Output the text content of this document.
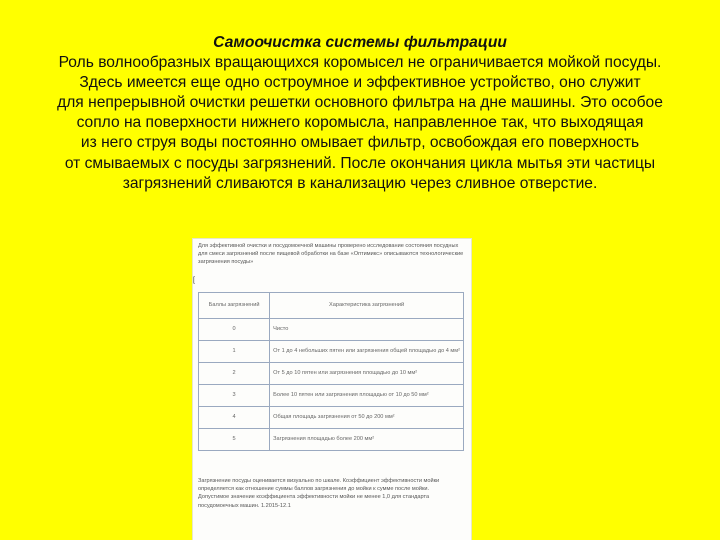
Самоочистка системы фильтрации
Роль волнообразных вращающихся коромысел не ограничивается мойкой посуды.
Здесь имеется еще одно остроумное и эффективное устройство, оно служит
для непрерывной очистки решетки основного фильтра на дне машины. Это особое
сопло на поверхности нижнего коромысла, направленное так, что выходящая
из него струя воды постоянно омывает фильтр, освобождая его поверхность
от смываемых с посуды загрязнений. После окончания цикла мытья эти частицы
загрязнений сливаются в канализацию через сливное отверстие.
Для эффективной очистки и посудомоечной машины проверено исследование состояния посудных
для смеси загрязнений после пищевой обработки на базе «Оптимикс» описываются технологические
загрязнения посуды»
[
Баллы загрязнений	Характеристика загрязнений
0	Чисто
1	От 1 до 4 небольших пятен или загрязнения общей площадью до 4 мм²
2	От 5 до 10 пятен или загрязнения площадью до 10 мм²
3	Более 10 пятен или загрязнения площадью от 10 до 50 мм²
4	Общая площадь загрязнения от 50 до 200 мм²
5	Загрязнения площадью более 200 мм²
Загрязнение посуды оценивается визуально по шкале. Коэффициент эффективности мойки
определяется как отношение суммы баллов загрязнения до мойки к сумме после мойки.
Допустимое значение коэффициента эффективности мойки не менее 1,0 для стандарта
посудомоечных машин. 1.2015-12.1
